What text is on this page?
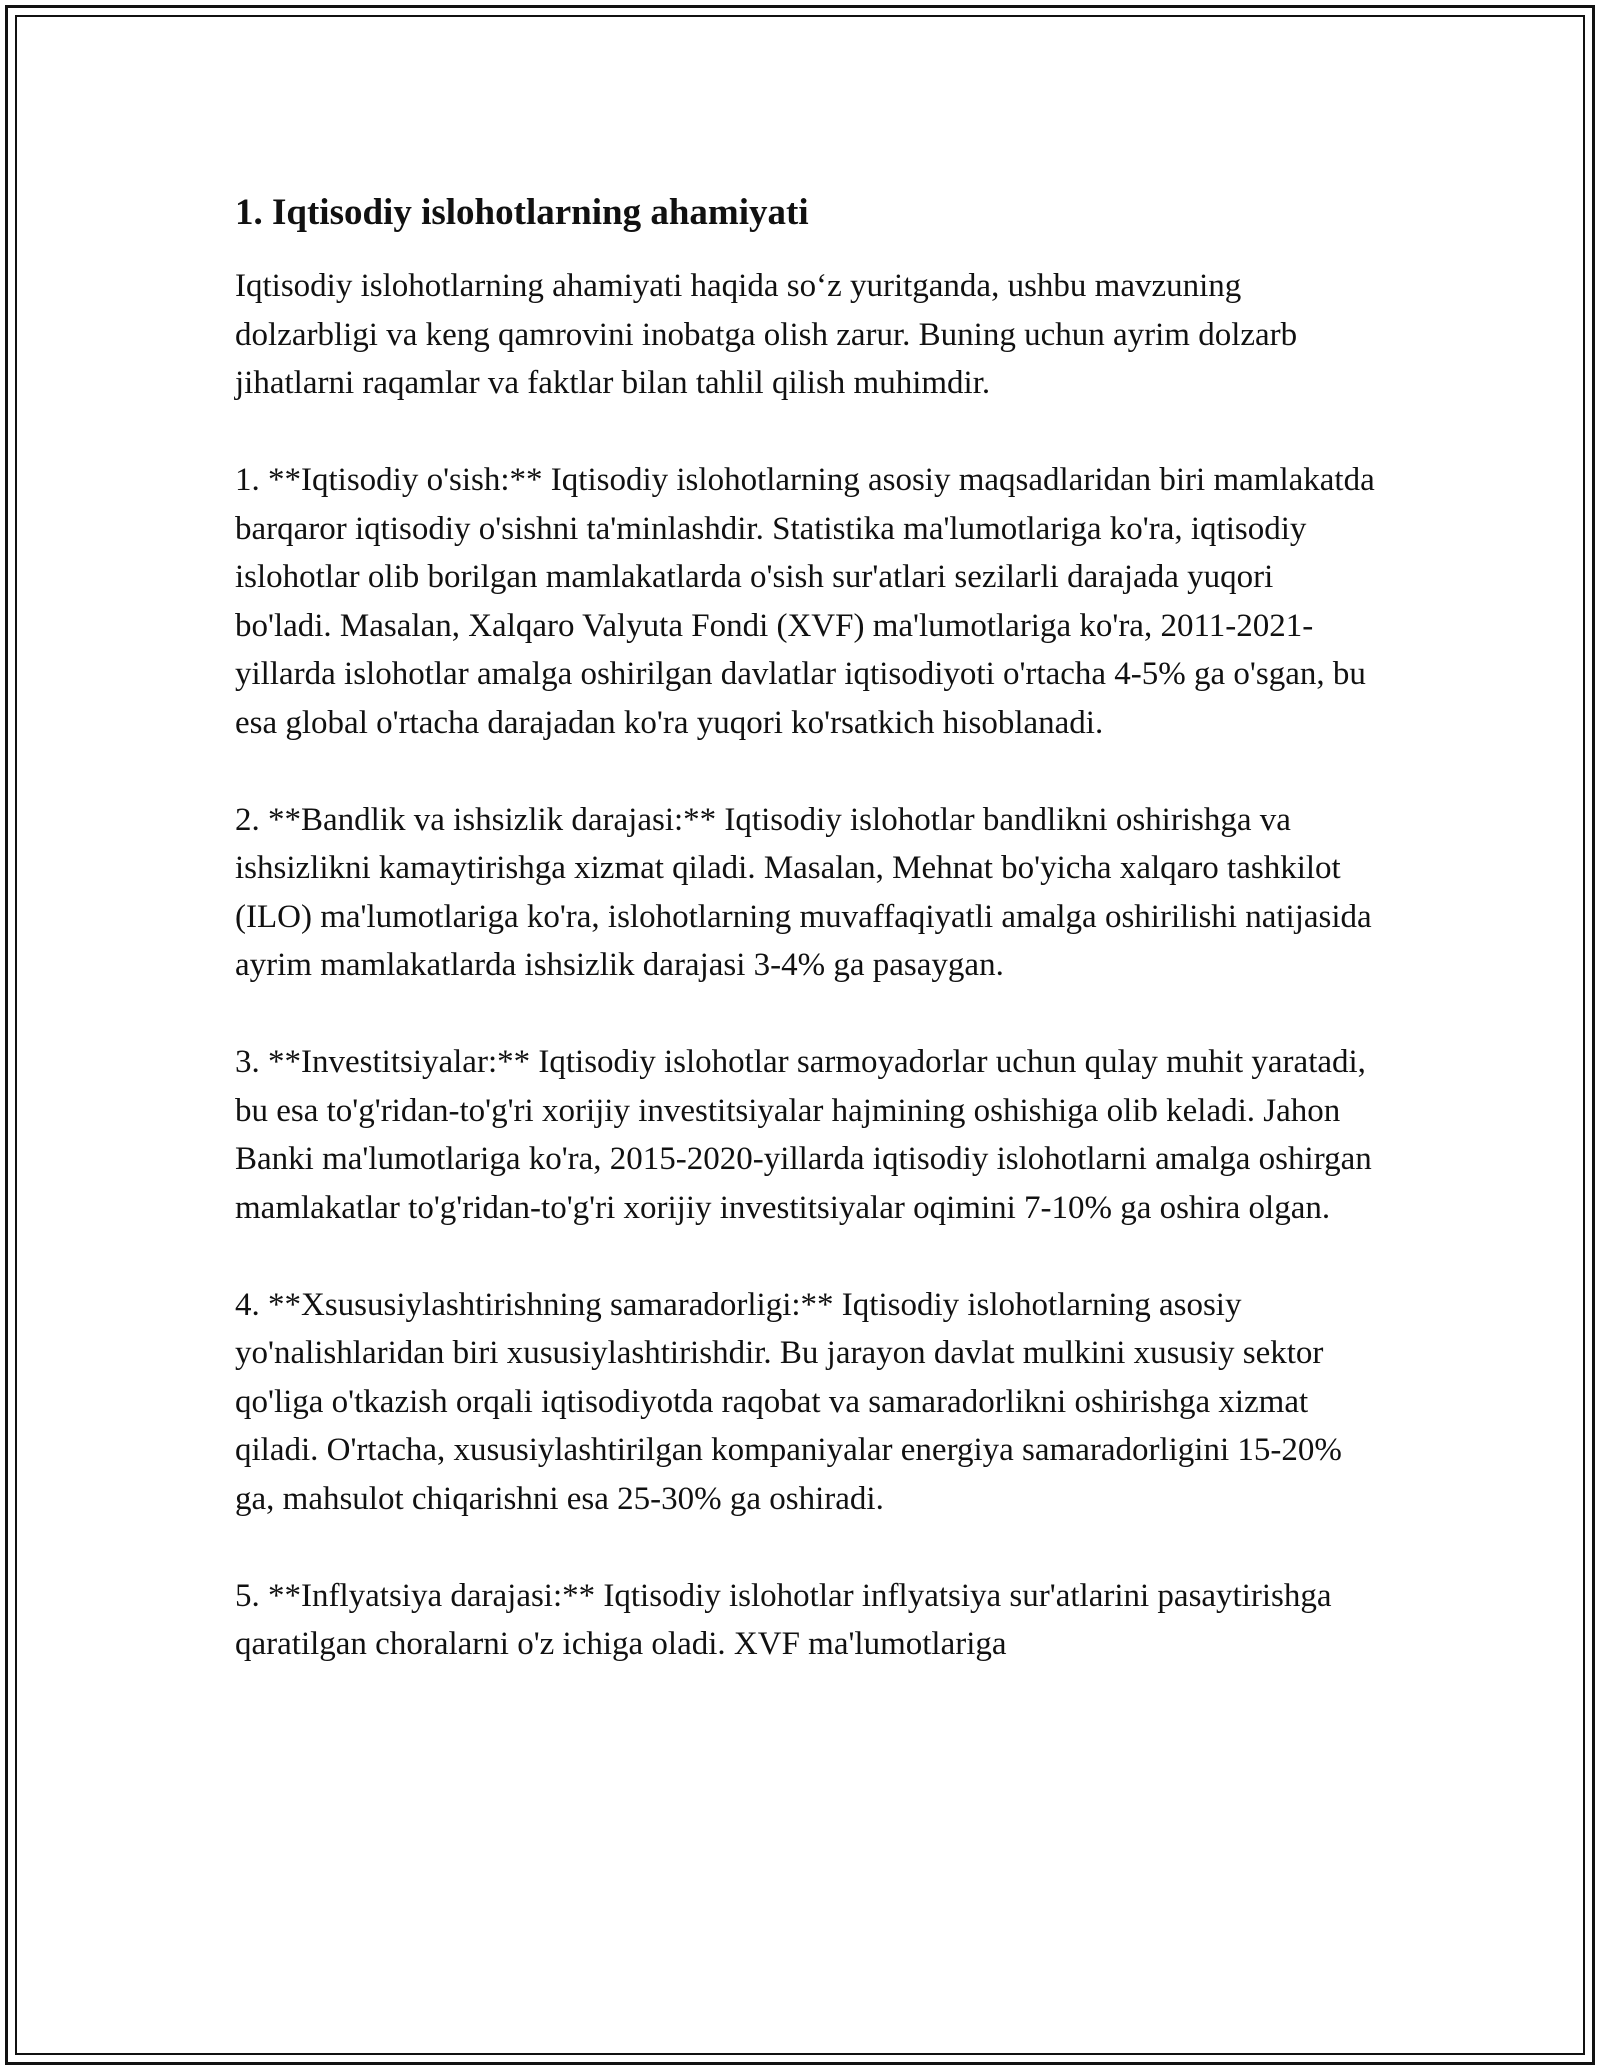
1. Iqtisodiy islohotlarning ahamiyati

Iqtisodiy islohotlarning ahamiyati haqida soʻz yuritganda, ushbu mavzuning dolzarbligi va keng qamrovini inobatga olish zarur. Buning uchun ayrim dolzarb jihatlarni raqamlar va faktlar bilan tahlil qilish muhimdir.

1. **Iqtisodiy o'sish:** Iqtisodiy islohotlarning asosiy maqsadlaridan biri mamlakatda barqaror iqtisodiy o'sishni ta'minlashdir. Statistika ma'lumotlariga ko'ra, iqtisodiy islohotlar olib borilgan mamlakatlarda o'sish sur'atlari sezilarli darajada yuqori bo'ladi. Masalan, Xalqaro Valyuta Fondi (XVF) ma'lumotlariga ko'ra, 2011-2021-yillarda islohotlar amalga oshirilgan davlatlar iqtisodiyoti o'rtacha 4-5% ga o'sgan, bu esa global o'rtacha darajadan ko'ra yuqori ko'rsatkich hisoblanadi.

2. **Bandlik va ishsizlik darajasi:** Iqtisodiy islohotlar bandlikni oshirishga va ishsizlikni kamaytirishga xizmat qiladi. Masalan, Mehnat bo'yicha xalqaro tashkilot (ILO) ma'lumotlariga ko'ra, islohotlarning muvaffaqiyatli amalga oshirilishi natijasida ayrim mamlakatlarda ishsizlik darajasi 3-4% ga pasaygan.

3. **Investitsiyalar:** Iqtisodiy islohotlar sarmoyadorlar uchun qulay muhit yaratadi, bu esa to'g'ridan-to'g'ri xorijiy investitsiyalar hajmining oshishiga olib keladi. Jahon Banki ma'lumotlariga ko'ra, 2015-2020-yillarda iqtisodiy islohotlarni amalga oshirgan mamlakatlar to'g'ridan-to'g'ri xorijiy investitsiyalar oqimini 7-10% ga oshira olgan.

4. **Xsususiylashtirishning samaradorligi:** Iqtisodiy islohotlarning asosiy yo'nalishlaridan biri xususiylashtirishdir. Bu jarayon davlat mulkini xususiy sektor qo'liga o'tkazish orqali iqtisodiyotda raqobat va samaradorlikni oshirishga xizmat qiladi. O'rtacha, xususiylashtirilgan kompaniyalar energiya samaradorligini 15-20% ga, mahsulot chiqarishni esa 25-30% ga oshiradi.

5. **Inflyatsiya darajasi:** Iqtisodiy islohotlar inflyatsiya sur'atlarini pasaytirishga qaratilgan choralarni o'z ichiga oladi. XVF ma'lumotlariga
